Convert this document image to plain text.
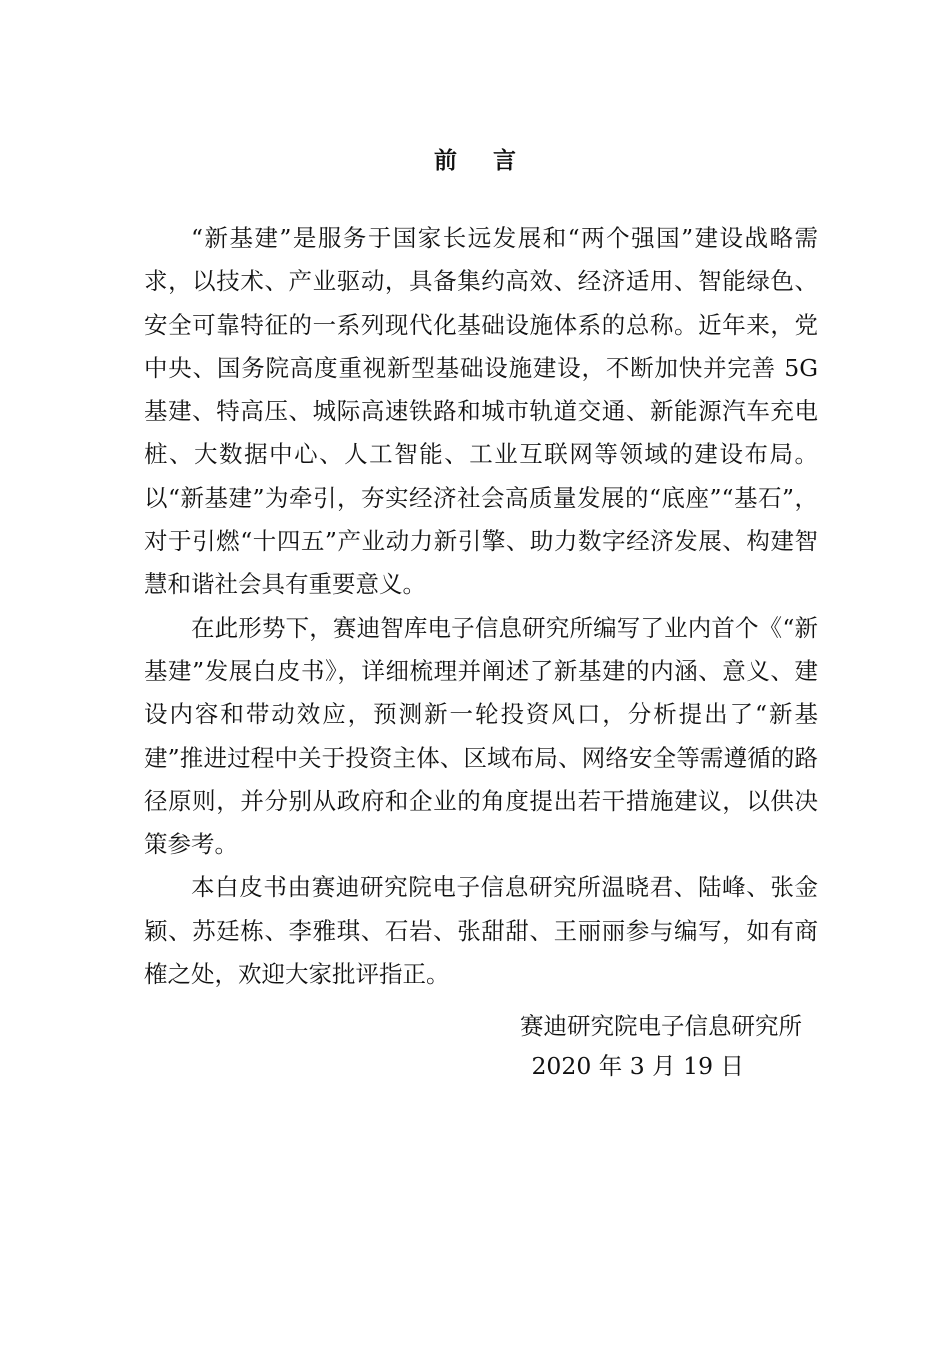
前 言

“新基建”是服务于国家长远发展和“两个强国”建设战略需求，以技术、产业驱动，具备集约高效、经济适用、智能绿色、安全可靠特征的一系列现代化基础设施体系的总称。近年来，党中央、国务院高度重视新型基础设施建设，不断加快并完善 5G 基建、特高压、城际高速铁路和城市轨道交通、新能源汽车充电桩、大数据中心、人工智能、工业互联网等领域的建设布局。以“新基建”为牵引，夯实经济社会高质量发展的“底座”“基石”，对于引燃“十四五”产业动力新引擎、助力数字经济发展、构建智慧和谐社会具有重要意义。

在此形势下，赛迪智库电子信息研究所编写了业内首个《“新基建”发展白皮书》，详细梳理并阐述了新基建的内涵、意义、建设内容和带动效应，预测新一轮投资风口，分析提出了“新基建”推进过程中关于投资主体、区域布局、网络安全等需遵循的路径原则，并分别从政府和企业的角度提出若干措施建议，以供决策参考。

本白皮书由赛迪研究院电子信息研究所温晓君、陆峰、张金颖、苏廷栋、李雅琪、石岩、张甜甜、王丽丽参与编写，如有商榷之处，欢迎大家批评指正。

赛迪研究院电子信息研究所
2020 年 3 月 19 日
